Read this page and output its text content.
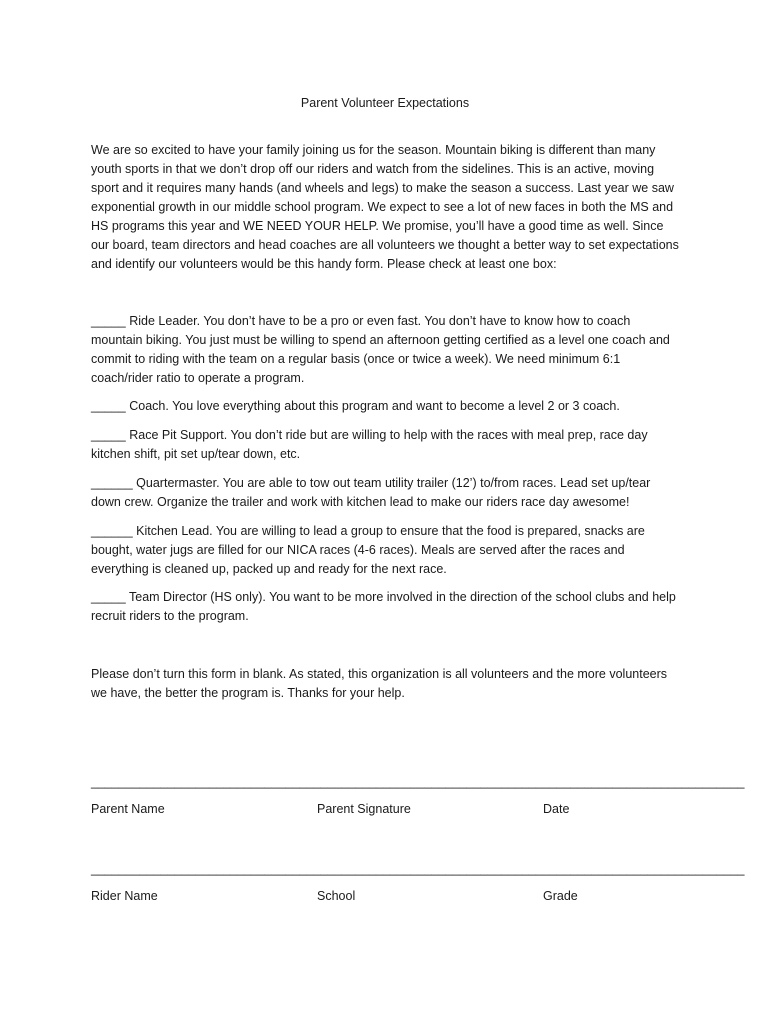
Parent Volunteer Expectations

We are so excited to have your family joining us for the season. Mountain biking is different than many youth sports in that we don’t drop off our riders and watch from the sidelines. This is an active, moving sport and it requires many hands (and wheels and legs) to make the season a success. Last year we saw exponential growth in our middle school program. We expect to see a lot of new faces in both the MS and HS programs this year and WE NEED YOUR HELP. We promise, you’ll have a good time as well. Since our board, team directors and head coaches are all volunteers we thought a better way to set expectations and identify our volunteers would be this handy form. Please check at least one box:

_____ Ride Leader. You don’t have to be a pro or even fast. You don’t have to know how to coach mountain biking. You just must be willing to spend an afternoon getting certified as a level one coach and commit to riding with the team on a regular basis (once or twice a week). We need minimum 6:1 coach/rider ratio to operate a program.

_____ Coach. You love everything about this program and want to become a level 2 or 3 coach.

_____ Race Pit Support. You don’t ride but are willing to help with the races with meal prep, race day kitchen shift, pit set up/tear down, etc.

______ Quartermaster. You are able to tow out team utility trailer (12’) to/from races. Lead set up/tear down crew. Organize the trailer and work with kitchen lead to make our riders race day awesome!

______ Kitchen Lead. You are willing to lead a group to ensure that the food is prepared, snacks are bought, water jugs are filled for our NICA races (4-6 races). Meals are served after the races and everything is cleaned up, packed up and ready for the next race.

_____ Team Director (HS only). You want to be more involved in the direction of the school clubs and help recruit riders to the program.

Please don’t turn this form in blank. As stated, this organization is all volunteers and the more volunteers we have, the better the program is. Thanks for your help.

______________________________________________________________________________________________
Parent Name	Parent Signature	Date
______________________________________________________________________________________________
Rider Name	School	Grade
